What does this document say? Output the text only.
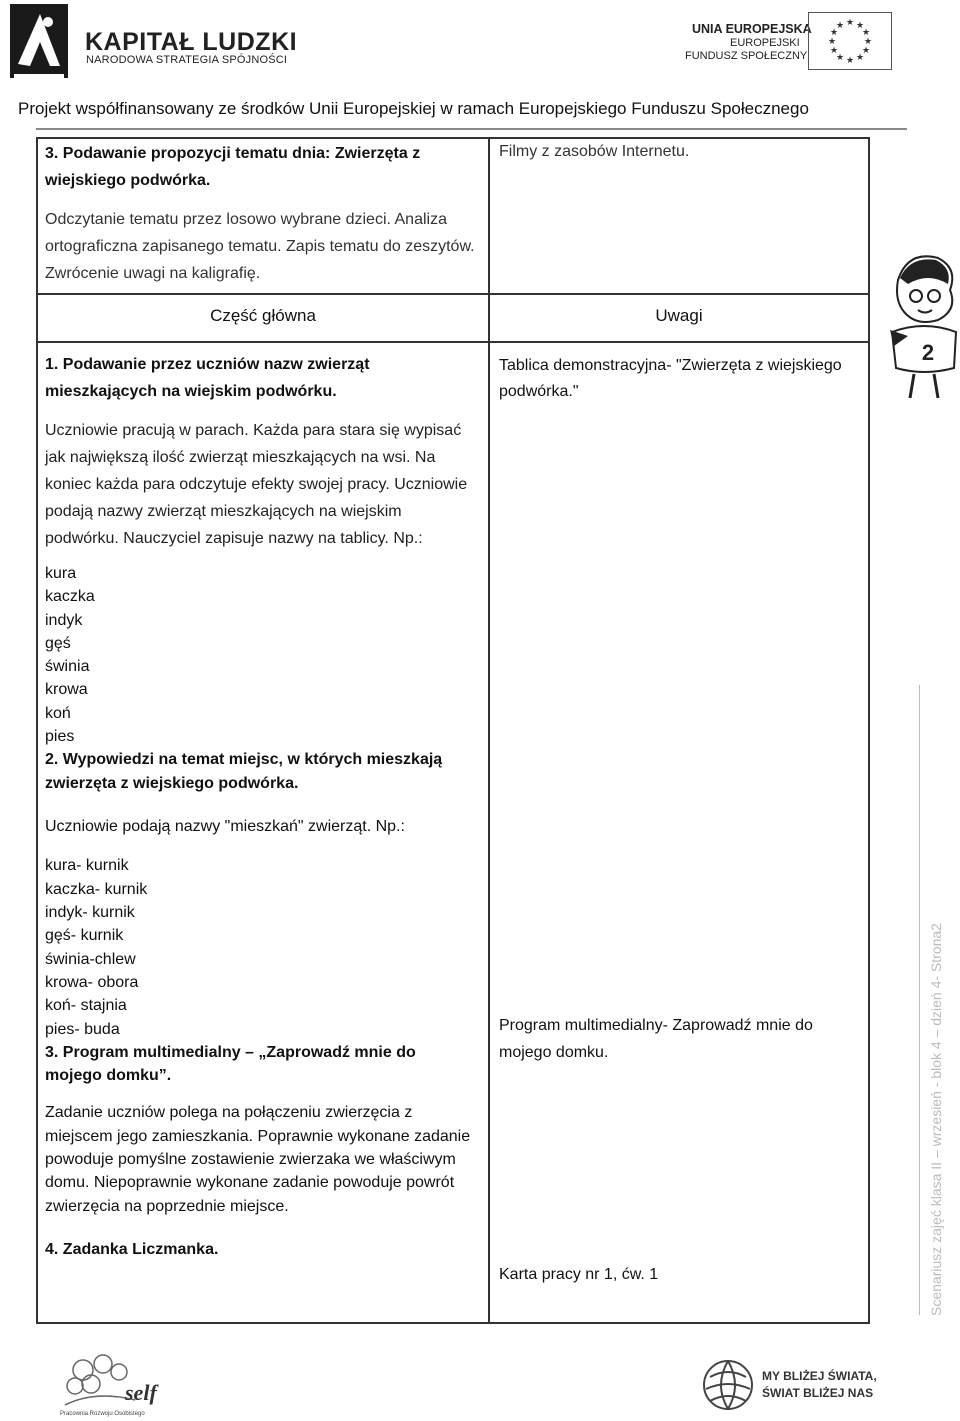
KAPITAŁ LUDZKI
NARODOWA STRATEGIA SPÓJNOŚCI
UNIA EUROPEJSKA
EUROPEJSKI
FUNDUSZ SPOŁECZNY
★ ★
★
★
★
★
★
★
★
★
★
★
Projekt współfinansowany ze środków Unii Europejskiej w ramach Europejskiego Funduszu Społecznego

3. Podawanie propozycji tematu dnia: Zwierzęta z wiejskiego podwórka.

Odczytanie tematu przez losowo wybrane dzieci. Analiza ortograficzna zapisanego tematu. Zapis tematu do zeszytów. Zwrócenie uwagi na kaligrafię.

Filmy z zasobów Internetu.
Część główna	Uwagi

1. Podawanie przez uczniów nazw zwierząt mieszkających na wiejskim podwórku.

Uczniowie pracują w parach. Każda para stara się wypisać jak największą ilość zwierząt mieszkających na wsi. Na koniec każda para odczytuje efekty swojej pracy. Uczniowie podają nazwy zwierząt mieszkających na wiejskim podwórku. Nauczyciel zapisuje nazwy na tablicy. Np.:

kura
kaczka
indyk
gęś
świnia
krowa
koń
pies

2. Wypowiedzi na temat miejsc, w których mieszkają zwierzęta z wiejskiego podwórka.

Uczniowie podają nazwy "mieszkań" zwierząt. Np.:

kura- kurnik
kaczka- kurnik
indyk- kurnik
gęś- kurnik
świnia-chlew
krowa- obora
koń- stajnia
pies- buda

3. Program multimedialny – „Zaprowadź mnie do mojego domku”.

Zadanie uczniów polega na połączeniu zwierzęcia z miejscem jego zamieszkania. Poprawnie wykonane zadanie powoduje pomyślne zostawienie zwierzaka we właściwym domu. Niepoprawnie wykonane zadanie powoduje powrót zwierzęcia na poprzednie miejsce.

4. Zadanka Liczmanka.

Tablica demonstracyjna- "Zwierzęta z wiejskiego podwórka."
Program multimedialny- Zaprowadź mnie do mojego domku.
Karta pracy nr 1, ćw. 1
2
Scenariusz zajęć klasa II – wrzesień - blok 4 – dzień 4- Strona2
self
Pracownia Rozwoju Osobistego
MY BLIŻEJ ŚWIATA,
ŚWIAT BLIŻEJ NAS
